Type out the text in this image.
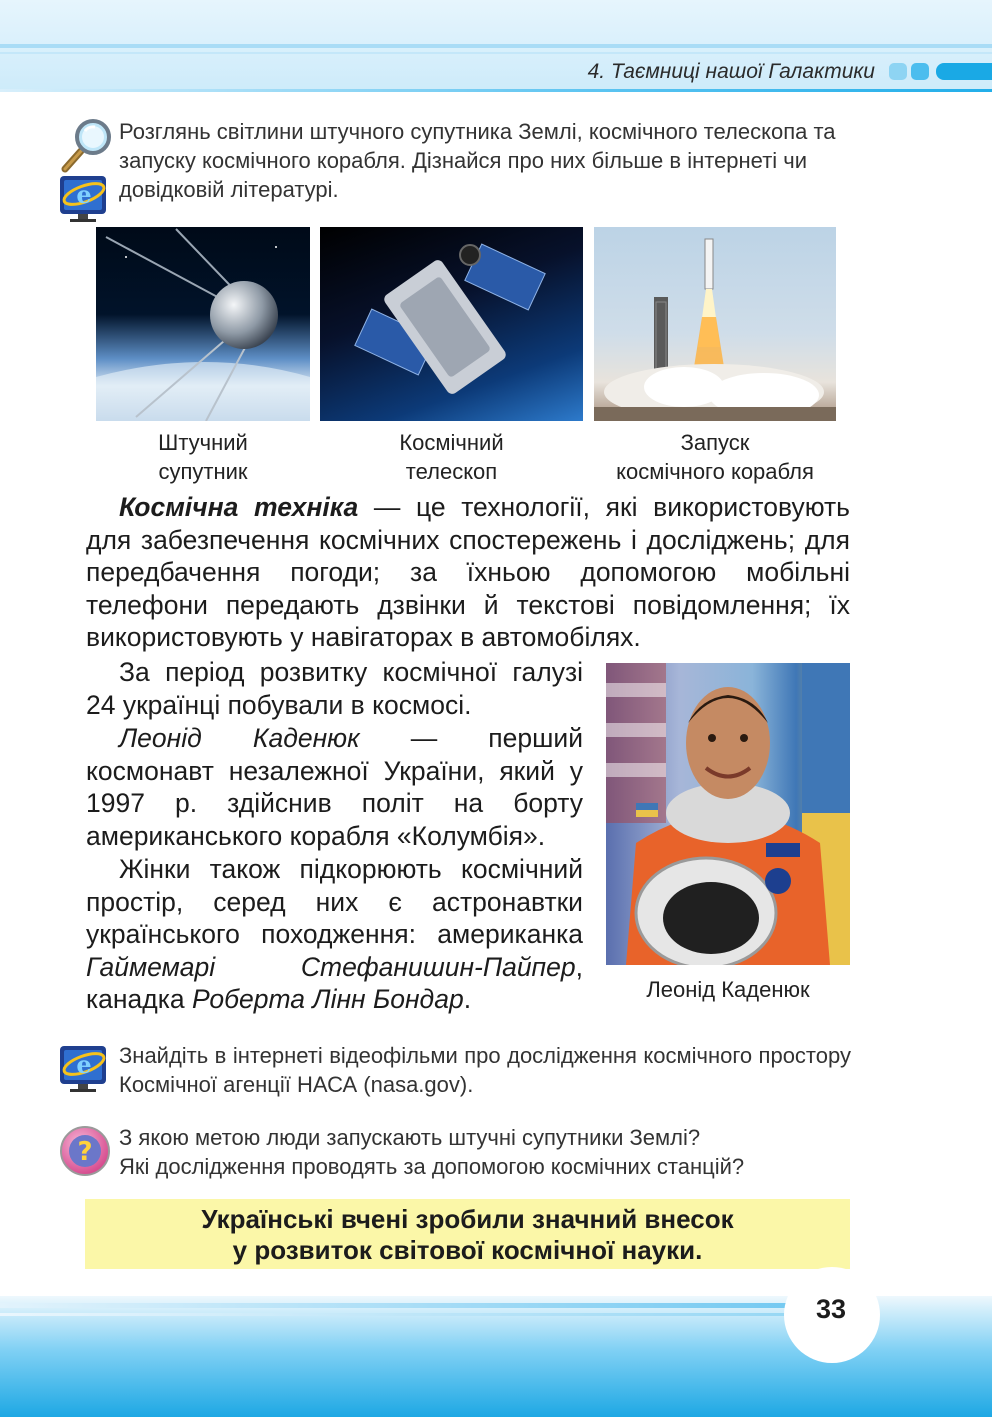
4. Таємниці нашої Галактики
e
Розглянь світлини штучного супутника Землі, космічного телескопа та запуску космічного корабля. Дізнайся про них більше в інтернеті чи довідковій літературі.
Штучний
супутник
Космічний
телескоп
Запуск
космічного корабля
Космічна техніка — це технології, які використовують для забезпечення космічних спостережень і досліджень; для передбачення погоди; за їхньою допомогою мобільні телефони передають дзвінки й текстові повідомлення; їх використовують у навігаторах в автомобілях.
За період розвитку космічної галузі 24 українці побували в космосі.
Леонід Каденюк — перший космонавт незалежної України, який у 1997 р. здійснив політ на борту американського корабля «Колумбія».
Жінки також підкорюють космічний простір, серед них є астронавтки українського походження: американка Гаймемарі Стефанишин-Пайпер, канадка Роберта Лінн Бондар.	Леонід Каденюк
e Знайдіть в інтернеті відеофільми про дослідження космічного простору Космічної агенції НАСА (nasa.gov).
? З якою метою люди запускають штучні супутники Землі?
Які дослідження проводять за допомогою космічних станцій?
Українські вчені зробили значний внесок
у розвиток світової космічної науки.
33
